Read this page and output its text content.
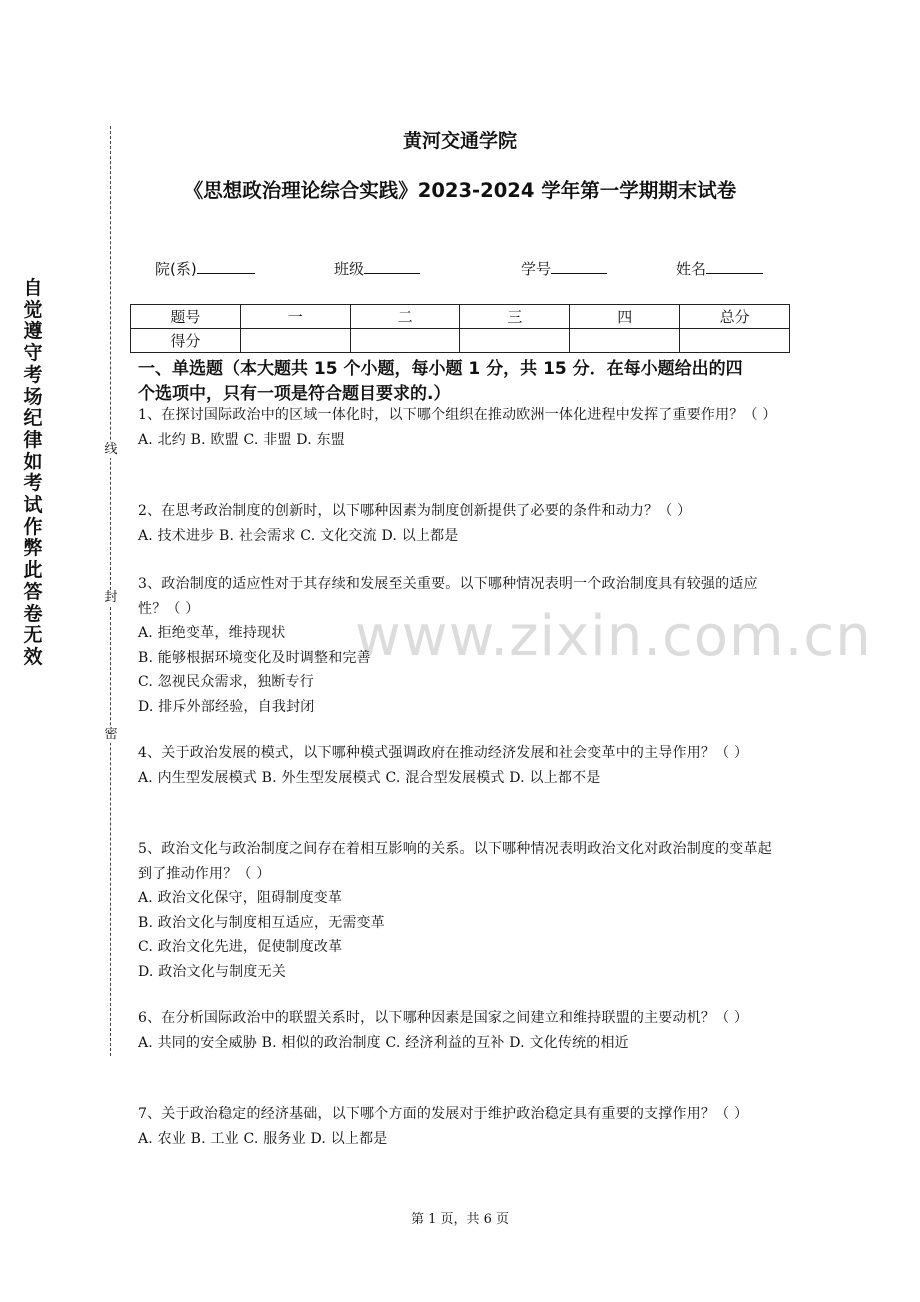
自觉遵守考场纪律如考试作弊此答卷无效
线
封
密
黄河交通学院
《思想政治理论综合实践》2023-2024 学年第一学期期末试卷
院(系)	班级	学号	姓名
题号	一	二	三	四	总分
得分					
一、单选题（本大题共 15 个小题，每小题 1 分，共 15 分．在每小题给出的四
个选项中，只有一项是符合题目要求的.）
www.zixin.com.cn
1、在探讨国际政治中的区域一体化时，以下哪个组织在推动欧洲一体化进程中发挥了重要作用？（ ）
A. 北约 B. 欧盟 C. 非盟 D. 东盟
2、在思考政治制度的创新时，以下哪种因素为制度创新提供了必要的条件和动力？（ ）
A. 技术进步 B. 社会需求 C. 文化交流 D. 以上都是
3、政治制度的适应性对于其存续和发展至关重要。以下哪种情况表明一个政治制度具有较强的适应性？（ ）
A. 拒绝变革，维持现状
B. 能够根据环境变化及时调整和完善
C. 忽视民众需求，独断专行
D. 排斥外部经验，自我封闭
4、关于政治发展的模式，以下哪种模式强调政府在推动经济发展和社会变革中的主导作用？（ ）
A. 内生型发展模式 B. 外生型发展模式 C. 混合型发展模式 D. 以上都不是
5、政治文化与政治制度之间存在着相互影响的关系。以下哪种情况表明政治文化对政治制度的变革起到了推动作用？（ ）
A. 政治文化保守，阻碍制度变革
B. 政治文化与制度相互适应，无需变革
C. 政治文化先进，促使制度改革
D. 政治文化与制度无关
6、在分析国际政治中的联盟关系时，以下哪种因素是国家之间建立和维持联盟的主要动机？（ ）
A. 共同的安全威胁 B. 相似的政治制度 C. 经济利益的互补 D. 文化传统的相近
7、关于政治稳定的经济基础，以下哪个方面的发展对于维护政治稳定具有重要的支撑作用？（ ）
A. 农业 B. 工业 C. 服务业 D. 以上都是
第 1 页，共 6 页
